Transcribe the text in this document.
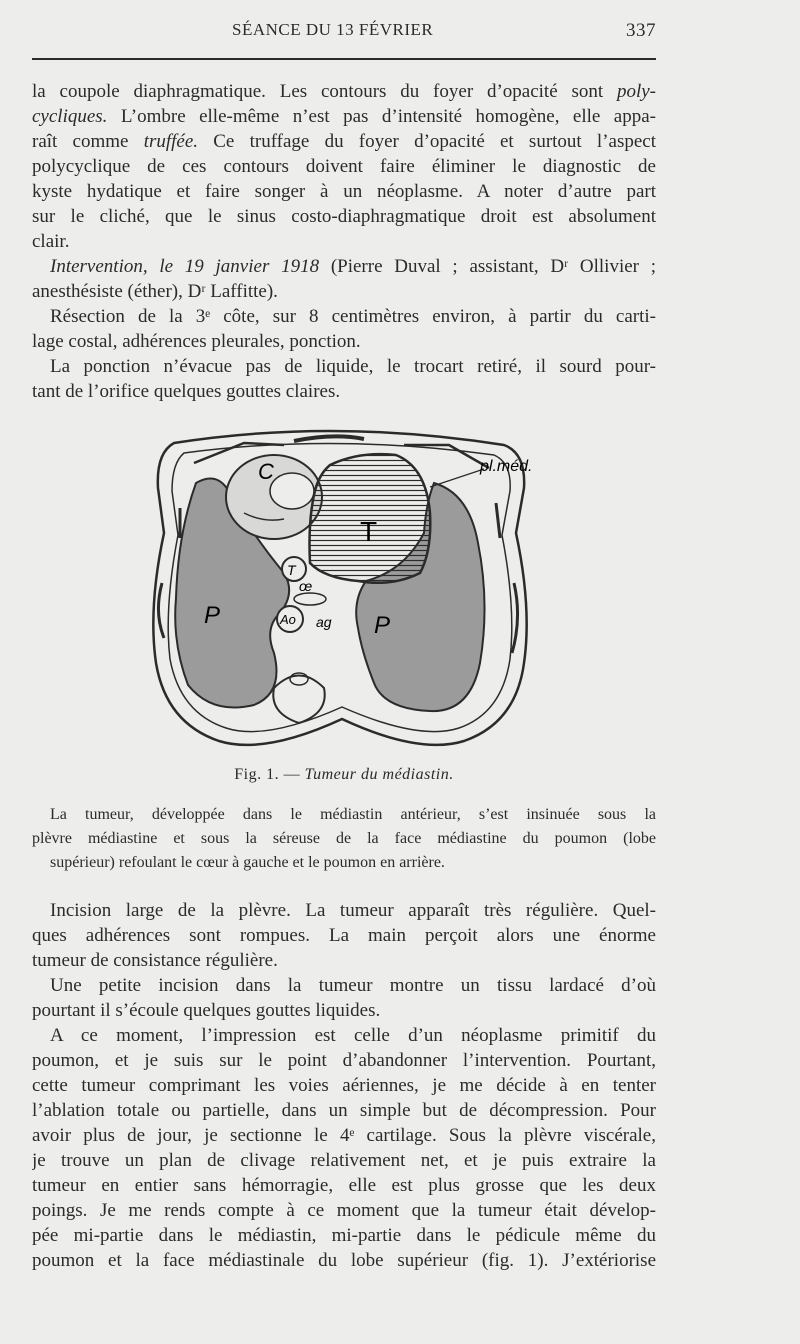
SÉANCE DU 13 FÉVRIER	337
la coupole diaphragmatique. Les contours du foyer d’opacité sont poly-
cycliques. L’ombre elle-même n’est pas d’intensité homogène, elle appa-
raît comme truffée. Ce truffage du foyer d’opacité et surtout l’aspect
polycyclique de ces contours doivent faire éliminer le diagnostic de
kyste hydatique et faire songer à un néoplasme. A noter d’autre part
sur le cliché, que le sinus costo-diaphragmatique droit est absolument
clair.
Intervention, le 19 janvier 1918 (Pierre Duval ; assistant, Dʳ Ollivier ;
anesthésiste (éther), Dʳ Laffitte).
Résection de la 3ᵉ côte, sur 8 centimètres environ, à partir du carti-
lage costal, adhérences pleurales, ponction.
La ponction n’évacue pas de liquide, le trocart retiré, il sourd pour-
tant de l’orifice quelques gouttes claires.
C
T
pl.méd.
P	P
T
œ
Ao ag
Fig. 1. — Tumeur du médiastin.
La tumeur, développée dans le médiastin antérieur, s’est insinuée sous la
plèvre médiastine et sous la séreuse de la face médiastine du poumon (lobe
supérieur) refoulant le cœur à gauche et le poumon en arrière.
Incision large de la plèvre. La tumeur apparaît très régulière. Quel-
ques adhérences sont rompues. La main perçoit alors une énorme
tumeur de consistance régulière.
Une petite incision dans la tumeur montre un tissu lardacé d’où
pourtant il s’écoule quelques gouttes liquides.
A ce moment, l’impression est celle d’un néoplasme primitif du
poumon, et je suis sur le point d’abandonner l’intervention. Pourtant,
cette tumeur comprimant les voies aériennes, je me décide à en tenter
l’ablation totale ou partielle, dans un simple but de décompression. Pour
avoir plus de jour, je sectionne le 4ᵉ cartilage. Sous la plèvre viscérale,
je trouve un plan de clivage relativement net, et je puis extraire la
tumeur en entier sans hémorragie, elle est plus grosse que les deux
poings. Je me rends compte à ce moment que la tumeur était dévelop-
pée mi-partie dans le médiastin, mi-partie dans le pédicule même du
poumon et la face médiastinale du lobe supérieur (fig. 1). J’extériorise
